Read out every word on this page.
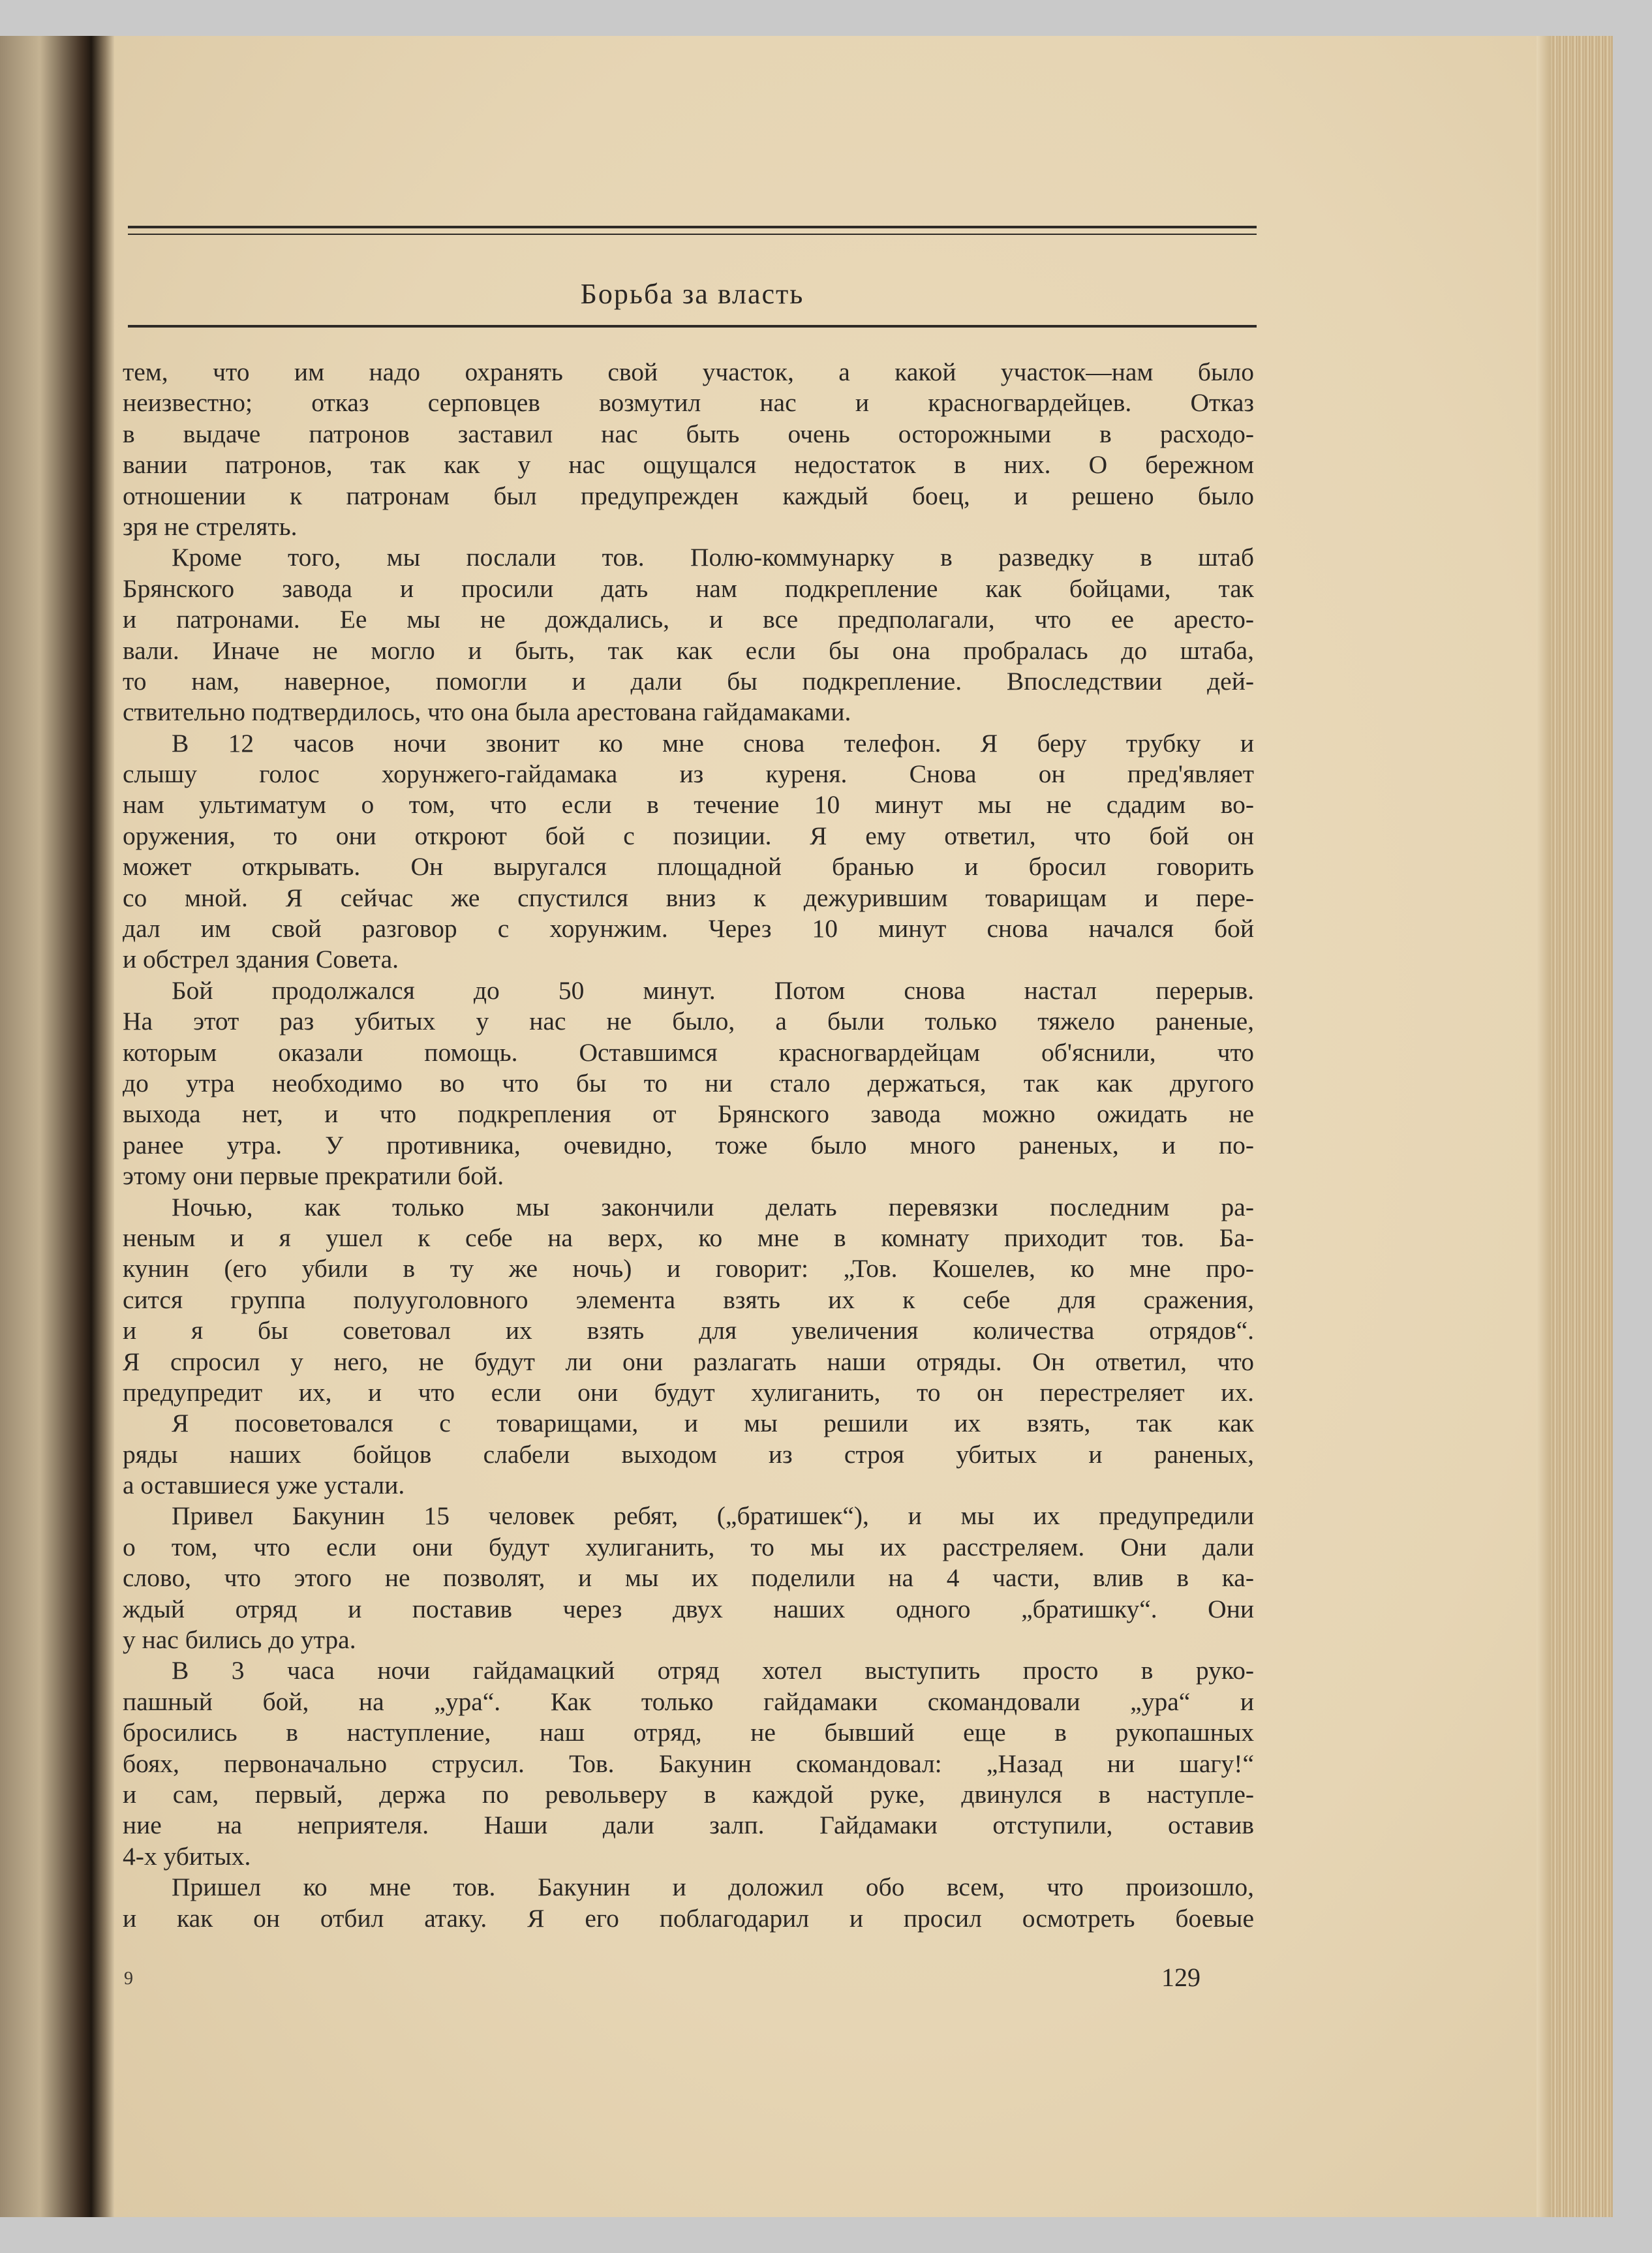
Борьба за власть
тем, что им надо охранять свой участок, а какой участок—нам было
неизвестно; отказ серповцев возмутил нас и красногвардейцев. Отказ
в выдаче патронов заставил нас быть очень осторожными в расходо-
вании патронов, так как у нас ощущался недостаток в них. О бережном
отношении к патронам был предупрежден каждый боец, и решено было
зря не стрелять.
Кроме того, мы послали тов. Полю-коммунарку в разведку в штаб
Брянского завода и просили дать нам подкрепление как бойцами, так
и патронами. Ее мы не дождались, и все предполагали, что ее аресто-
вали. Иначе не могло и быть, так как если бы она пробралась до штаба,
то нам, наверное, помогли и дали бы подкрепление. Впоследствии дей-
ствительно подтвердилось, что она была арестована гайдамаками.
В 12 часов ночи звонит ко мне снова телефон. Я беру трубку и
слышу голос хорунжего-гайдамака из куреня. Снова он пред'являет
нам ультиматум о том, что если в течение 10 минут мы не сдадим во-
оружения, то они откроют бой с позиции. Я ему ответил, что бой он
может открывать. Он выругался площадной бранью и бросил говорить
со мной. Я сейчас же спустился вниз к дежурившим товарищам и пере-
дал им свой разговор с хорунжим. Через 10 минут снова начался бой
и обстрел здания Совета.
Бой продолжался до 50 минут. Потом снова настал перерыв.
На этот раз убитых у нас не было, а были только тяжело раненые,
которым оказали помощь. Оставшимся красногвардейцам об'яснили, что
до утра необходимо во что бы то ни стало держаться, так как другого
выхода нет, и что подкрепления от Брянского завода можно ожидать не
ранее утра. У противника, очевидно, тоже было много раненых, и по-
этому они первые прекратили бой.
Ночью, как только мы закончили делать перевязки последним ра-
неным и я ушел к себе на верх, ко мне в комнату приходит тов. Ба-
кунин (его убили в ту же ночь) и говорит: „Тов. Кошелев, ко мне про-
сится группа полууголовного элемента взять их к себе для сражения,
и я бы советовал их взять для увеличения количества отрядов“.
Я спросил у него, не будут ли они разлагать наши отряды. Он ответил, что
предупредит их, и что если они будут хулиганить, то он перестреляет их.
Я посоветовался с товарищами, и мы решили их взять, так как
ряды наших бойцов слабели выходом из строя убитых и раненых,
а оставшиеся уже устали.
Привел Бакунин 15 человек ребят, („братишек“), и мы их предупредили
о том, что если они будут хулиганить, то мы их расстреляем. Они дали
слово, что этого не позволят, и мы их поделили на 4 части, влив в ка-
ждый отряд и поставив через двух наших одного „братишку“. Они
у нас бились до утра.
В 3 часа ночи гайдамацкий отряд хотел выступить просто в руко-
пашный бой, на „ура“. Как только гайдамаки скомандовали „ура“ и
бросились в наступление, наш отряд, не бывший еще в рукопашных
боях, первоначально струсил. Тов. Бакунин скомандовал: „Назад ни шагу!“
и сам, первый, держа по револьверу в каждой руке, двинулся в наступле-
ние на неприятеля. Наши дали залп. Гайдамаки отступили, оставив
4-х убитых.
Пришел ко мне тов. Бакунин и доложил обо всем, что произошло,
и как он отбил атаку. Я его поблагодарил и просил осмотреть боевые
9	129
